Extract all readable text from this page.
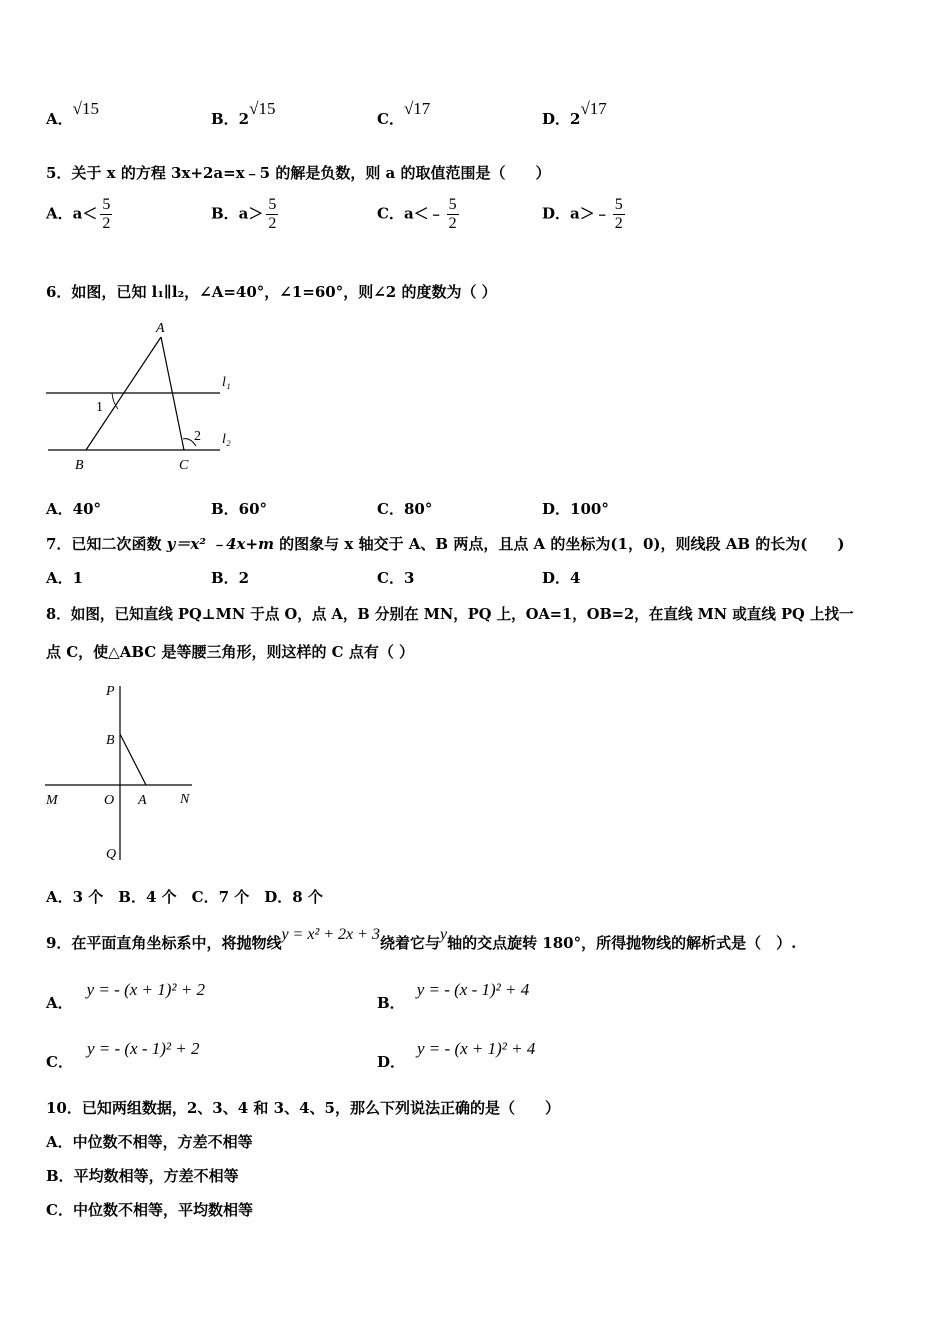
A．√15
B．2√15
C．√17
D．2√17
5．关于 x 的方程 3x+2a=x﹣5 的解是负数，则 a 的取值范围是（　　）
A．$a< \frac{5}{2}$	B．$a> \frac{5}{2}$	C．a＜﹣ $\frac{5}{2}$	D．a＞﹣ $\frac{5}{2}$
6．如图，已知 l₁∥l₂，∠A=40°，∠1=60°，则∠2 的度数为（ ）
A
B	C
l₁
l₂
1
2
A．40°	B．60°	C．80°	D．100°
7．已知二次函数 y＝x² ﹣4x+m 的图象与 x 轴交于 A、B 两点，且点 A 的坐标为(1，0)，则线段 AB 的长为(　　)
A．1	B．2	C．3	D．4
8．如图，已知直线 PQ⊥MN 于点 O，点 A，B 分别在 MN，PQ 上，OA=1，OB=2，在直线 MN 或直线 PQ 上找一
点 C，使△ABC 是等腰三角形，则这样的 C 点有（ ）
P
B
M	O A N
Q
A．3 个　B．4 个　C．7 个　D．8 个
9．在平面直角坐标系中，将抛物线y = x² + 2x + 3绕着它与y轴的交点旋转 180°，所得抛物线的解析式是（　）.
A．y = - (x + 1)² + 2
B．y = - (x - 1)² + 4
C．y = - (x - 1)² + 2
D．y = - (x + 1)² + 4
10．已知两组数据，2、3、4 和 3、4、5，那么下列说法正确的是（　　）
A．中位数不相等，方差不相等
B．平均数相等，方差不相等
C．中位数不相等，平均数相等
